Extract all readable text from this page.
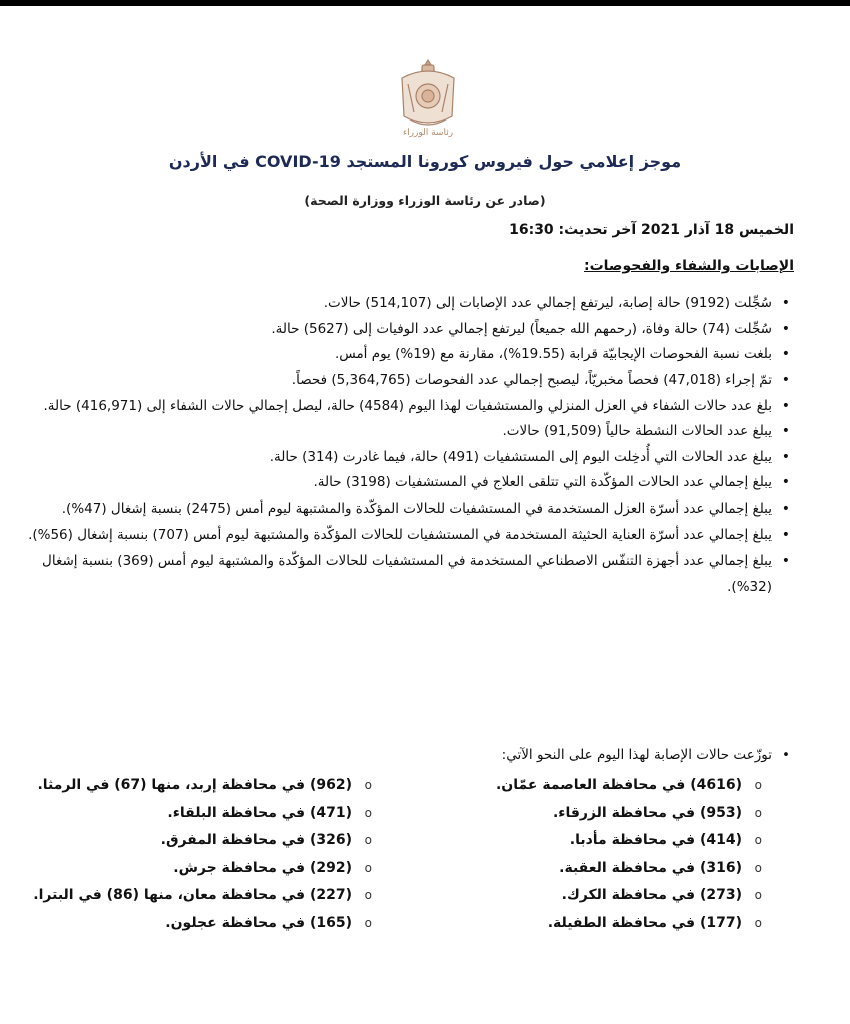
رئاسة الوزراء
موجز إعلامي حول فيروس كورونا المستجد COVID-19 في الأردن
(صادر عن رئاسة الوزراء ووزارة الصحة)
الخميس 18 آذار 2021 آخر تحديث: 16:30
الإصابات والشفاء والفحوصات:
• سُجِّلت (9192) حالة إصابة، ليرتفع إجمالي عدد الإصابات إلى (514,107) حالات.
• سُجِّلت (74) حالة وفاة، (رحمهم الله جميعاً) ليرتفع إجمالي عدد الوفيات إلى (5627) حالة.
• بلغت نسبة الفحوصات الإيجابيّة قرابة (19.55%)، مقارنة مع (19%) يوم أمس.
• تمّ إجراء (47,018) فحصاً مخبريّاً، ليصبح إجمالي عدد الفحوصات (5,364,765) فحصاً.
• بلغ عدد حالات الشفاء في العزل المنزلي والمستشفيات لهذا اليوم (4584) حالة، ليصل إجمالي حالات الشفاء إلى (416,971) حالة.
• يبلغ عدد الحالات النشطة حالياً (91,509) حالات.
• يبلغ عدد الحالات التي أُدخِلت اليوم إلى المستشفيات (491) حالة، فيما غادرت (314) حالة.
• يبلغ إجمالي عدد الحالات المؤكّدة التي تتلقى العلاج في المستشفيات (3198) حالة.
• يبلغ إجمالي عدد أسرّة العزل المستخدمة في المستشفيات للحالات المؤكّدة والمشتبهة ليوم أمس (2475) بنسبة إشغال (47%).
• يبلغ إجمالي عدد أسرّة العناية الحثيثة المستخدمة في المستشفيات للحالات المؤكّدة والمشتبهة ليوم أمس (707) بنسبة إشغال (56%).
• يبلغ إجمالي عدد أجهزة التنفّس الاصطناعي المستخدمة في المستشفيات للحالات المؤكّدة والمشتبهة ليوم أمس (369) بنسبة إشغال (32%).
• توزّعت حالات الإصابة لهذا اليوم على النحو الآتي:
o (4616) في محافظة العاصمة عمّان.
o (953) في محافظة الزرقاء.
o (414) في محافظة مأدبا.
o (316) في محافظة العقبة.
o (273) في محافظة الكرك.
o (177) في محافظة الطفيلة.
o (962) في محافظة إربد، منها (67) في الرمثا.
o (471) في محافظة البلقاء.
o (326) في محافظة المفرق.
o (292) في محافظة جرش.
o (227) في محافظة معان، منها (86) في البترا.
o (165) في محافظة عجلون.
